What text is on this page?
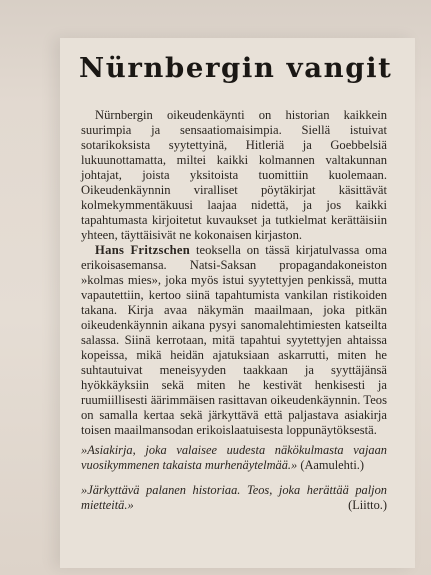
Nürnbergin vangit

Nürnbergin oikeudenkäynti on historian kaikkein suurimpia ja sensaatiomaisimpia. Siellä istuivat sotarikoksista syytettyinä, Hitleriä ja Goebbelsiä lukuunottamatta, miltei kaikki kolmannen valtakunnan johtajat, joista yksitoista tuomittiin kuolemaan. Oikeudenkäynnin viralliset pöytäkirjat käsittävät kolmekymmentäkuusi laajaa nidettä, ja jos kaikki tapahtumasta kirjoitetut kuvaukset ja tutkielmat kerättäisiin yhteen, täyttäisivät ne kokonaisen kirjaston.

Hans Fritzschen teoksella on tässä kirjatulvassa oma erikoisasemansa. Natsi-Saksan propagandakoneiston »kolmas mies», joka myös istui syytettyjen penkissä, mutta vapautettiin, kertoo siinä tapahtumista vankilan ristikoiden takana. Kirja avaa näkymän maailmaan, joka pitkän oikeudenkäynnin aikana pysyi sanomalehtimiesten katseilta salassa. Siinä kerrotaan, mitä tapahtui syytettyjen ahtaissa kopeissa, mikä heidän ajatuksiaan askarrutti, miten he suhtautuivat meneisyyden taakkaan ja syyttäjänsä hyökkäyksiin sekä miten he kestivät henkisesti ja ruumiillisesti äärimmäisen rasittavan oikeudenkäynnin. Teos on samalla kertaa sekä järkyttävä että paljastava asiakirja toisen maailmansodan erikoislaatuisesta loppunäytöksestä.

»Asiakirja, joka valaisee uudesta näkökulmasta vajaan vuosikymmenen takaista murhenäytelmää.» (Aamulehti.)

»Järkyttävä palanen historiaa. Teos, joka herättää paljon mietteitä.»	(Liitto.)
